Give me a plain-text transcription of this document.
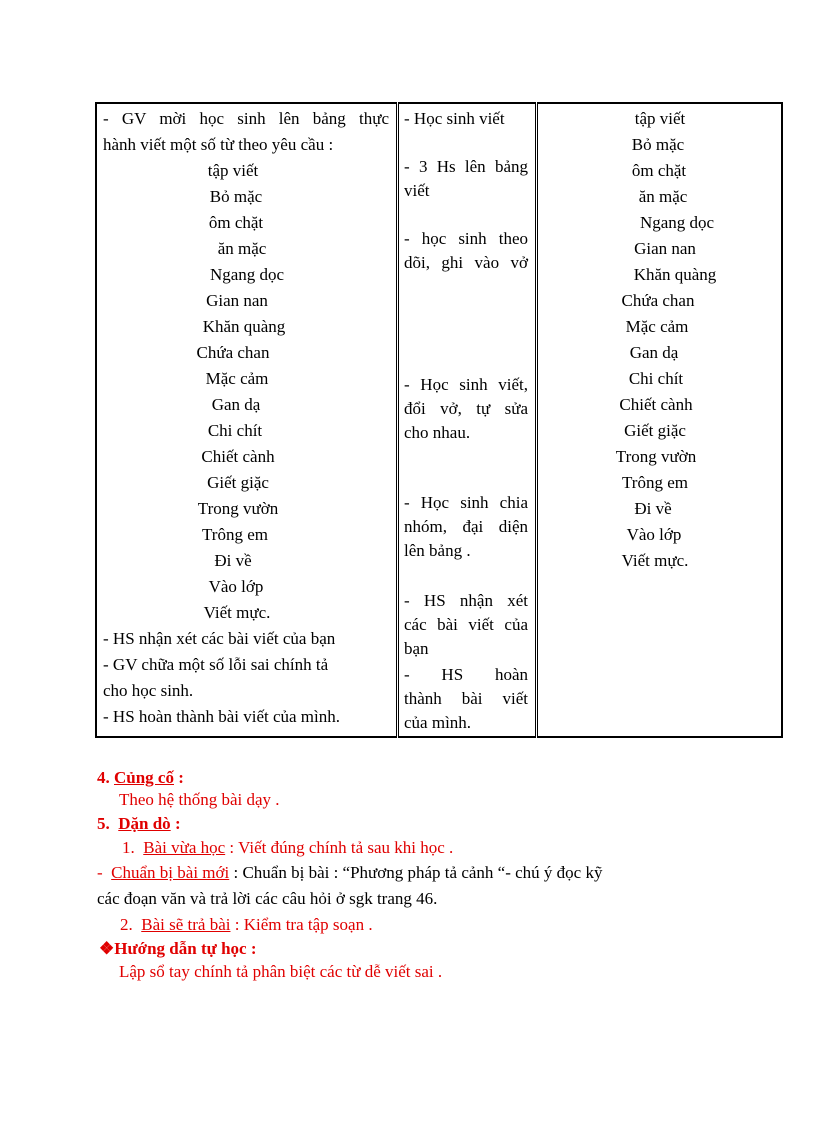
- GV mời học sinh lên bảng thực
hành viết một số từ theo yêu cầu :
tập viết
Bỏ mặc
ôm chặt
ăn mặc
Ngang dọc
Gian nan
Khăn quàng
Chứa chan
Mặc cảm
Gan dạ
Chi chít
Chiết cành
Giết giặc
Trong vườn
Trông em
Đi về
Vào lớp
Viết mực.
- HS nhận xét các bài viết của bạn
- GV chữa một số lỗi sai chính tả
cho học sinh.
- HS hoàn thành bài viết của mình.

- Học sinh viết
- 3 Hs lên bảng
viết
- học sinh theo
dõi, ghi vào vở
- Học sinh viết,
đổi vở, tự sửa
cho nhau.
- Học sinh chia
nhóm, đại diện
lên bảng .
- HS nhận xét
các bài viết của
bạn
- HS hoàn
thành bài viết
của mình.

tập viết
Bỏ mặc
ôm chặt
ăn mặc
Ngang dọc
Gian nan
Khăn quàng
Chứa chan
Mặc cảm
Gan dạ
Chi chít
Chiết cành
Giết giặc
Trong vườn
Trông em
Đi về
Vào lớp
Viết mực.
4. Củng cố :
Theo hệ thống bài dạy .
5. Dặn dò :
1. Bài vừa học : Viết đúng chính tả sau khi học .
- Chuẩn bị bài mới : Chuẩn bị bài : “Phương pháp tả cảnh “- chú ý đọc kỹ
các đoạn văn và trả lời các câu hỏi ở sgk trang 46.
2. Bài sẽ trả bài : Kiểm tra tập soạn .
❖Hướng dẫn tự học :
Lập sổ tay chính tả phân biệt các từ dễ viết sai .
